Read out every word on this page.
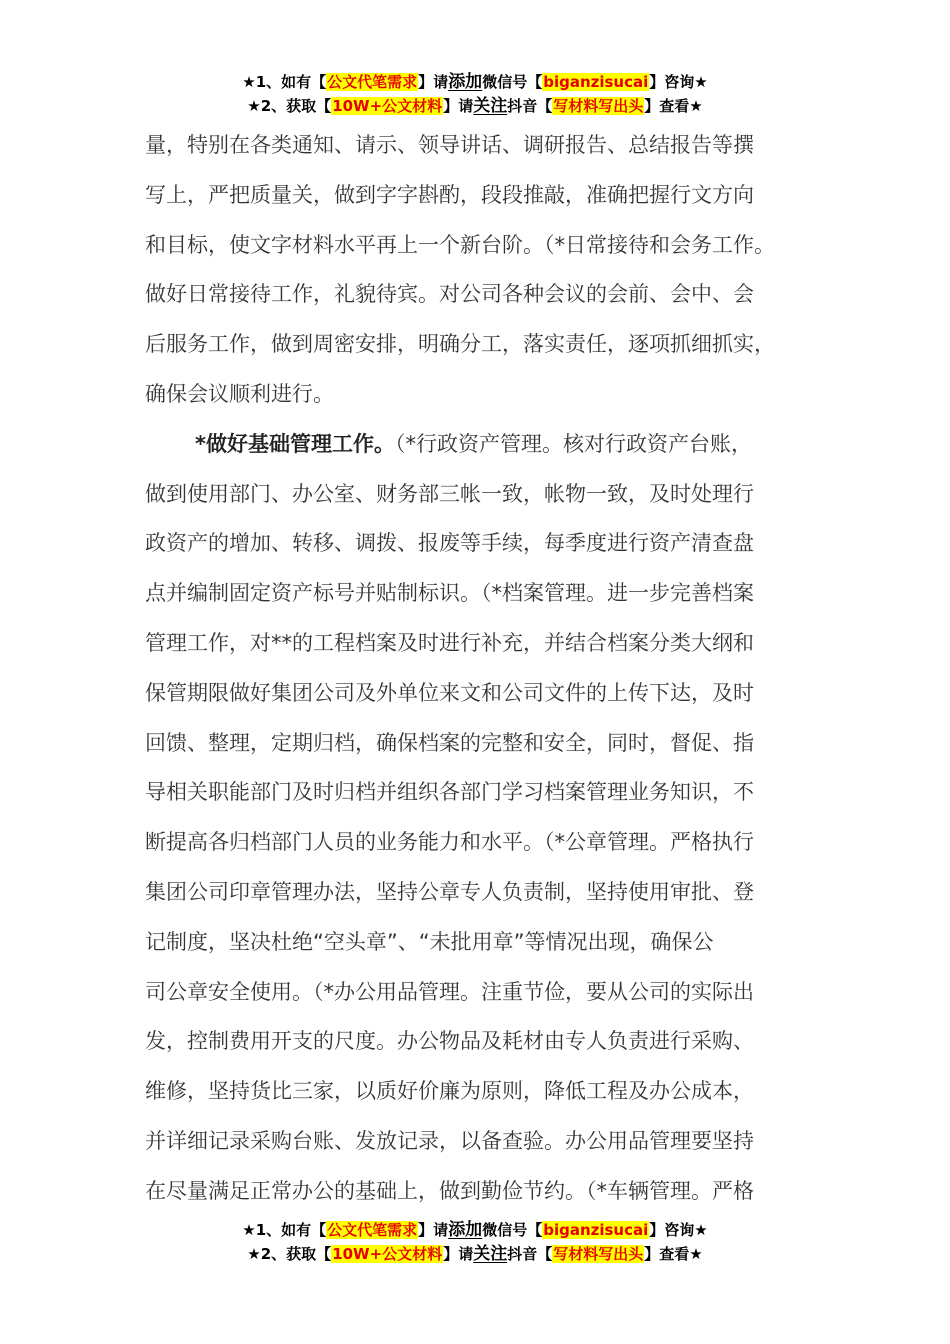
★1、如有【公文代笔需求】请添加微信号【biganzisucai】咨询★
★2、获取【10W+公文材料】请关注抖音【写材料写出头】查看★
量，特别在各类通知、请示、领导讲话、调研报告、总结报告等撰
写上，严把质量关，做到字字斟酌，段段推敲，准确把握行文方向
和目标，使文字材料水平再上一个新台阶。（*日常接待和会务工作。
做好日常接待工作，礼貌待宾。对公司各种会议的会前、会中、会
后服务工作，做到周密安排，明确分工，落实责任，逐项抓细抓实，
确保会议顺利进行。
*做好基础管理工作。（*行政资产管理。核对行政资产台账，
做到使用部门、办公室、财务部三帐一致，帐物一致，及时处理行
政资产的增加、转移、调拨、报废等手续，每季度进行资产清查盘
点并编制固定资产标号并贴制标识。（*档案管理。进一步完善档案
管理工作，对**的工程档案及时进行补充，并结合档案分类大纲和
保管期限做好集团公司及外单位来文和公司文件的上传下达，及时
回馈、整理，定期归档，确保档案的完整和安全，同时，督促、指
导相关职能部门及时归档并组织各部门学习档案管理业务知识，不
断提高各归档部门人员的业务能力和水平。（*公章管理。严格执行
集团公司印章管理办法，坚持公章专人负责制，坚持使用审批、登
记制度，坚决杜绝“空头章”、“未批用章”等情况出现，确保公
司公章安全使用。（*办公用品管理。注重节俭，要从公司的实际出
发，控制费用开支的尺度。办公物品及耗材由专人负责进行采购、
维修，坚持货比三家，以质好价廉为原则，降低工程及办公成本，
并详细记录采购台账、发放记录，以备查验。办公用品管理要坚持
在尽量满足正常办公的基础上，做到勤俭节约。（*车辆管理。严格
★1、如有【公文代笔需求】请添加微信号【biganzisucai】咨询★
★2、获取【10W+公文材料】请关注抖音【写材料写出头】查看★
